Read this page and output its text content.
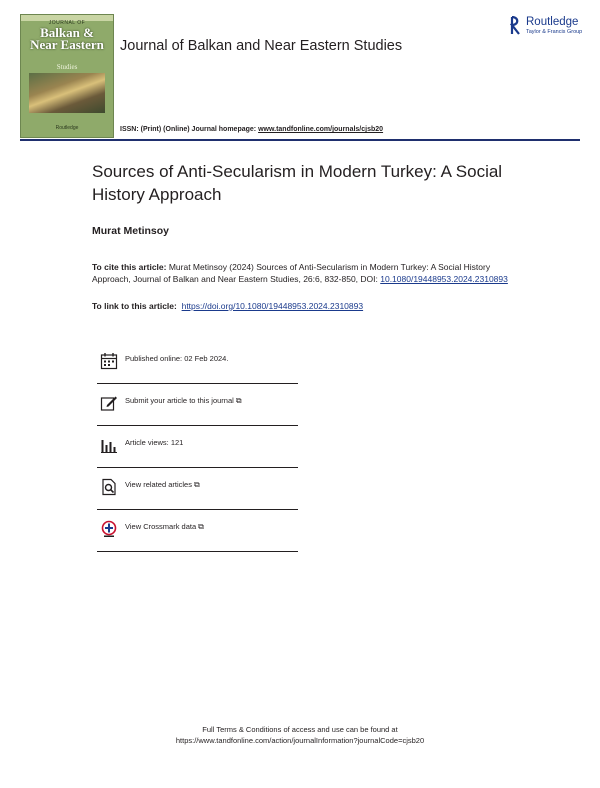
JOURNAL OF
Balkan &
Near Eastern
Studies
Routledge
Journal of Balkan and Near Eastern Studies
ISSN: (Print) (Online) Journal homepage: www.tandfonline.com/journals/cjsb20
Routledge
Taylor & Francis Group
Sources of Anti-Secularism in Modern Turkey: A Social History Approach
Murat Metinsoy
To cite this article: Murat Metinsoy (2024) Sources of Anti-Secularism in Modern Turkey: A Social History Approach, Journal of Balkan and Near Eastern Studies, 26:6, 832-850, DOI: 10.1080/19448953.2024.2310893
To link to this article: https://doi.org/10.1080/19448953.2024.2310893
Published online: 02 Feb 2024.
Submit your article to this journal ⧉
Article views: 121
View related articles ⧉
View Crossmark data ⧉
Full Terms & Conditions of access and use can be found at
https://www.tandfonline.com/action/journalInformation?journalCode=cjsb20
